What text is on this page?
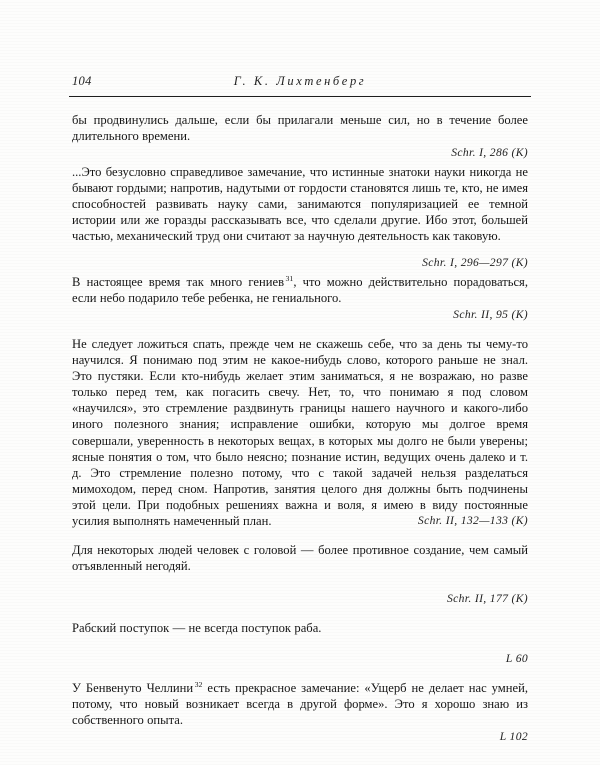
104	Г. К. Лихтенберг

бы продвинулись дальше, если бы прилагали меньше сил, но в течение более длительного времени.

Schr. I, 286 (K)

...Это безусловно справедливое замечание, что истинные знатоки науки никогда не бывают гордыми; напротив, надутыми от гордости становятся лишь те, кто, не имея способностей развивать науку сами, занимаются популяризацией ее темной истории или же горазды рассказывать все, что сделали другие. Ибо этот, большей частью, механический труд они считают за научную деятельность как таковую.

Schr. I, 296—297 (K)

В настоящее время так много гениев $^{31}$, что можно действительно порадоваться, если небо подарило тебе ребенка, не гениального.

Schr. II, 95 (K)

Не следует ложиться спать, прежде чем не скажешь себе, что за день ты чему-то научился. Я понимаю под этим не какое-нибудь слово, которого раньше не знал. Это пустяки. Если кто-нибудь желает этим заниматься, я не возражаю, но разве только перед тем, как погасить свечу. Нет, то, что понимаю я под словом «научился», это стремление раздвинуть границы нашего научного и какого-либо иного полезного знания; исправление ошибки, которую мы долгое время совершали, уверенность в некоторых вещах, в которых мы долго не были уверены; ясные понятия о том, что было неясно; познание истин, ведущих очень далеко и т. д. Это стремление полезно потому, что с такой задачей нельзя разделаться мимоходом, перед сном. Напротив, занятия целого дня должны быть подчинены этой цели. При подобных решениях важна и воля, я имею в виду постоянные усилия выполнять намеченный план.	Schr. II, 132—133 (K)

Для некоторых людей человек с головой — более противное создание, чем самый отъявленный негодяй.

Schr. II, 177 (K)

Рабский поступок — не всегда поступок раба.

L 60

У Бенвенуто Челлини $^{32}$ есть прекрасное замечание: «Ущерб не делает нас умней, потому, что новый возникает всегда в другой форме». Это я хорошо знаю из собственного опыта.

L 102
